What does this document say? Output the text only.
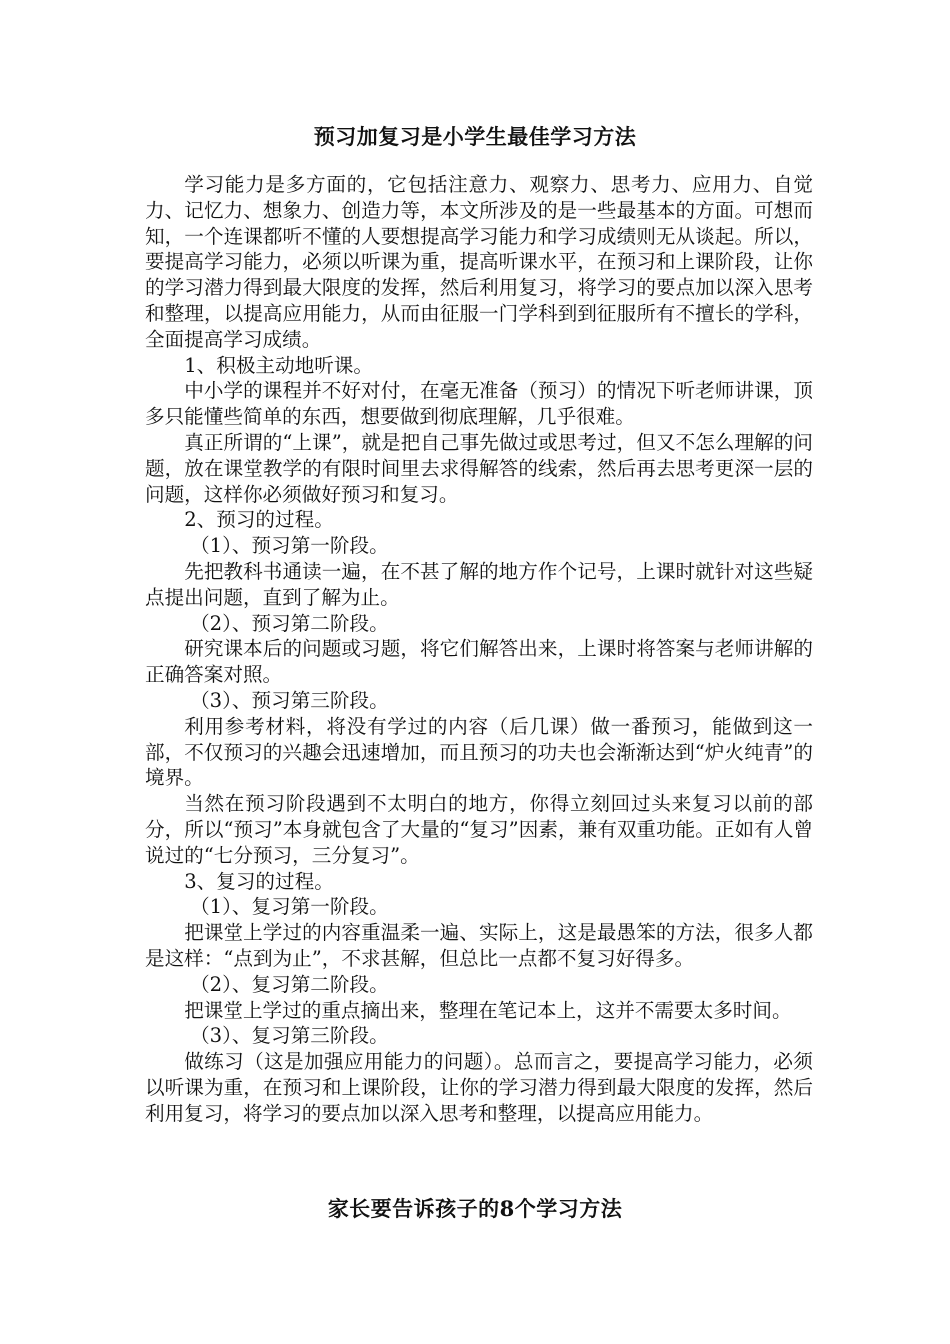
预习加复习是小学生最佳学习方法

学习能力是多方面的，它包括注意力、观察力、思考力、应用力、自觉力、记忆力、想象力、创造力等，本文所涉及的是一些最基本的方面。可想而知，一个连课都听不懂的人要想提高学习能力和学习成绩则无从谈起。所以，要提高学习能力，必须以听课为重，提高听课水平，在预习和上课阶段，让你的学习潜力得到最大限度的发挥，然后利用复习，将学习的要点加以深入思考和整理，以提高应用能力，从而由征服一门学科到到征服所有不擅长的学科，全面提高学习成绩。

1、积极主动地听课。

中小学的课程并不好对付，在毫无准备（预习）的情况下听老师讲课，顶多只能懂些简单的东西，想要做到彻底理解，几乎很难。

真正所谓的“上课”，就是把自己事先做过或思考过，但又不怎么理解的问题，放在课堂教学的有限时间里去求得解答的线索，然后再去思考更深一层的问题，这样你必须做好预习和复习。

2、预习的过程。

（1）、预习第一阶段。

先把教科书通读一遍，在不甚了解的地方作个记号，上课时就针对这些疑点提出问题，直到了解为止。

（2）、预习第二阶段。

研究课本后的问题或习题，将它们解答出来，上课时将答案与老师讲解的正确答案对照。

（3）、预习第三阶段。

利用参考材料，将没有学过的内容（后几课）做一番预习，能做到这一部，不仅预习的兴趣会迅速增加，而且预习的功夫也会渐渐达到“炉火纯青”的境界。

当然在预习阶段遇到不太明白的地方，你得立刻回过头来复习以前的部分，所以“预习”本身就包含了大量的“复习”因素，兼有双重功能。正如有人曾说过的“七分预习，三分复习”。

3、复习的过程。

（1）、复习第一阶段。

把课堂上学过的内容重温柔一遍、实际上，这是最愚笨的方法，很多人都是这样：“点到为止”，不求甚解，但总比一点都不复习好得多。

（2）、复习第二阶段。

把课堂上学过的重点摘出来，整理在笔记本上，这并不需要太多时间。

（3）、复习第三阶段。

做练习（这是加强应用能力的问题）。总而言之，要提高学习能力，必须以听课为重，在预习和上课阶段，让你的学习潜力得到最大限度的发挥，然后利用复习，将学习的要点加以深入思考和整理，以提高应用能力。

家长要告诉孩子的8个学习方法
